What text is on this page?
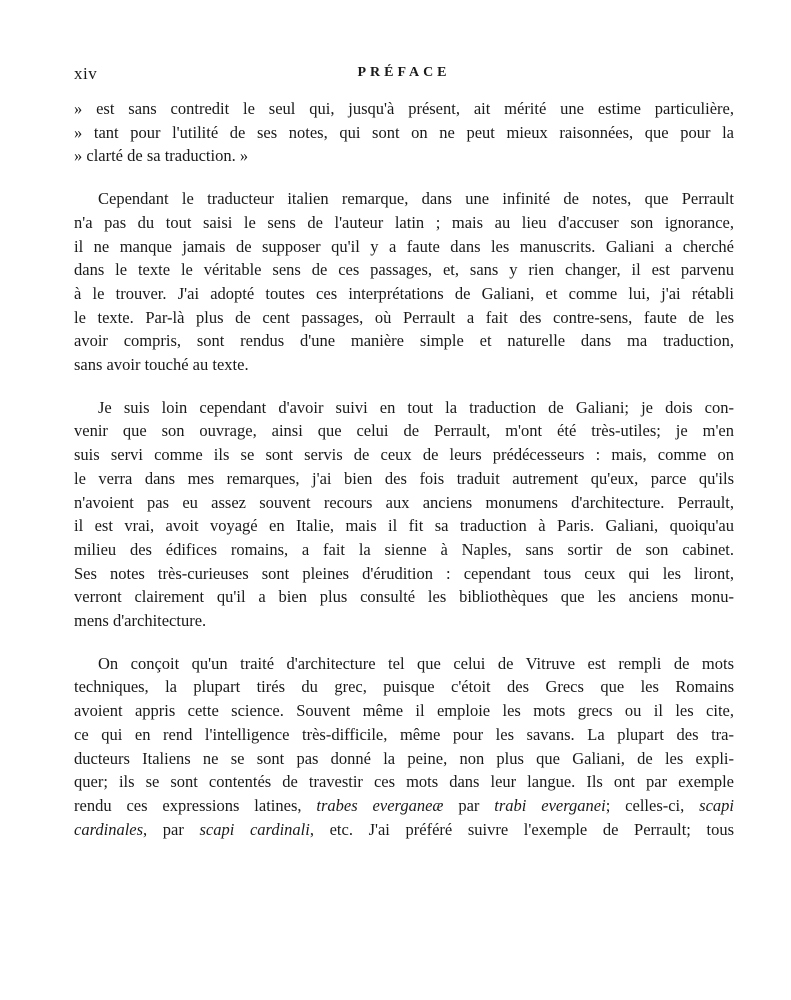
xiv	PRÉFACE

» est sans contredit le seul qui, jusqu'à présent, ait mérité une estime particulière,
» tant pour l'utilité de ses notes, qui sont on ne peut mieux raisonnées, que pour la
» clarté de sa traduction. »

Cependant le traducteur italien remarque, dans une infinité de notes, que Perrault
n'a pas du tout saisi le sens de l'auteur latin ; mais au lieu d'accuser son ignorance,
il ne manque jamais de supposer qu'il y a faute dans les manuscrits. Galiani a cherché
dans le texte le véritable sens de ces passages, et, sans y rien changer, il est parvenu
à le trouver. J'ai adopté toutes ces interprétations de Galiani, et comme lui, j'ai rétabli
le texte. Par-là plus de cent passages, où Perrault a fait des contre-sens, faute de les
avoir compris, sont rendus d'une manière simple et naturelle dans ma traduction,
sans avoir touché au texte.

Je suis loin cependant d'avoir suivi en tout la traduction de Galiani; je dois con-
venir que son ouvrage, ainsi que celui de Perrault, m'ont été très-utiles; je m'en
suis servi comme ils se sont servis de ceux de leurs prédécesseurs : mais, comme on
le verra dans mes remarques, j'ai bien des fois traduit autrement qu'eux, parce qu'ils
n'avoient pas eu assez souvent recours aux anciens monumens d'architecture. Perrault,
il est vrai, avoit voyagé en Italie, mais il fit sa traduction à Paris. Galiani, quoiqu'au
milieu des édifices romains, a fait la sienne à Naples, sans sortir de son cabinet.
Ses notes très-curieuses sont pleines d'érudition : cependant tous ceux qui les liront,
verront clairement qu'il a bien plus consulté les bibliothèques que les anciens monu-
mens d'architecture.

On conçoit qu'un traité d'architecture tel que celui de Vitruve est rempli de mots
techniques, la plupart tirés du grec, puisque c'étoit des Grecs que les Romains
avoient appris cette science. Souvent même il emploie les mots grecs ou il les cite,
ce qui en rend l'intelligence très-difficile, même pour les savans. La plupart des tra-
ducteurs Italiens ne se sont pas donné la peine, non plus que Galiani, de les expli-
quer; ils se sont contentés de travestir ces mots dans leur langue. Ils ont par exemple
rendu ces expressions latines, trabes everganeæ par trabi everganei; celles-ci, scapi
cardinales, par scapi cardinali, etc. J'ai préféré suivre l'exemple de Perrault; tous
